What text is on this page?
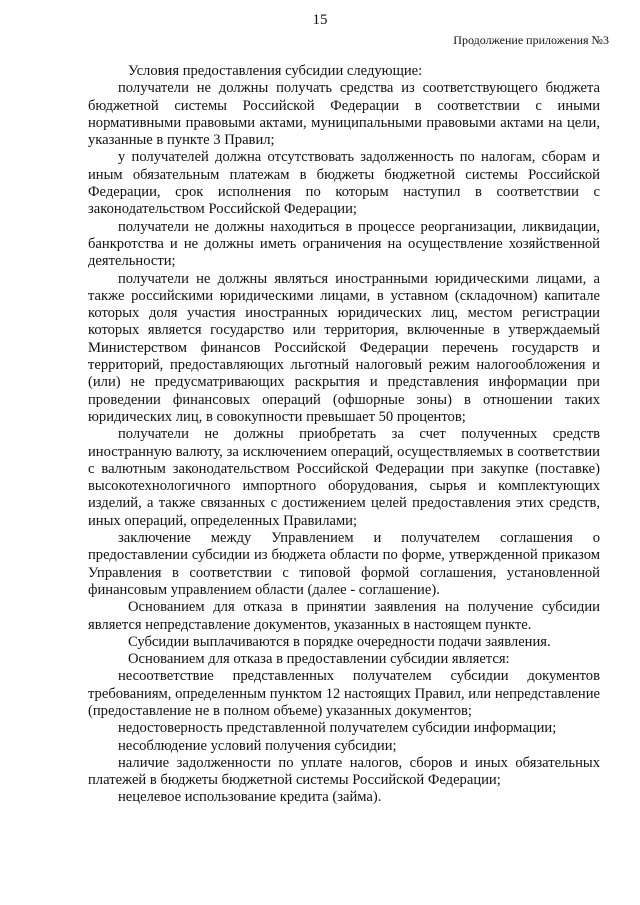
15
Продолжение приложения №3

Условия предоставления субсидии следующие:

получатели не должны получать средства из соответствующего бюджета бюджетной системы Российской Федерации в соответствии с иными нормативными правовыми актами, муниципальными правовыми актами на цели, указанные в пункте 3 Правил;

у получателей должна отсутствовать задолженность по налогам, сборам и иным обязательным платежам в бюджеты бюджетной системы Российской Федерации, срок исполнения по которым наступил в соответствии с законодательством Российской Федерации;

получатели не должны находиться в процессе реорганизации, ликвидации, банкротства и не должны иметь ограничения на осуществление хозяйственной деятельности;

получатели не должны являться иностранными юридическими лицами, а также российскими юридическими лицами, в уставном (складочном) капитале которых доля участия иностранных юридических лиц, местом регистрации которых является государство или территория, включенные в утверждаемый Министерством финансов Российской Федерации перечень государств и территорий, предоставляющих льготный налоговый режим налогообложения и (или) не предусматривающих раскрытия и представления информации при проведении финансовых операций (офшорные зоны) в отношении таких юридических лиц, в совокупности превышает 50 процентов;

получатели не должны приобретать за счет полученных средств иностранную валюту, за исключением операций, осуществляемых в соответствии с валютным законодательством Российской Федерации при закупке (поставке) высокотехнологичного импортного оборудования, сырья и комплектующих изделий, а также связанных с достижением целей предоставления этих средств, иных операций, определенных Правилами;

заключение между Управлением и получателем соглашения о предоставлении субсидии из бюджета области по форме, утвержденной приказом Управления в соответствии с типовой формой соглашения, установленной финансовым управлением области (далее - соглашение).

Основанием для отказа в принятии заявления на получение субсидии является непредставление документов, указанных в настоящем пункте.

Субсидии выплачиваются в порядке очередности подачи заявления.

Основанием для отказа в предоставлении субсидии является:

несоответствие представленных получателем субсидии документов требованиям, определенным пунктом 12 настоящих Правил, или непредставление (предоставление не в полном объеме) указанных документов;

недостоверность представленной получателем субсидии информации;

несоблюдение условий получения субсидии;

наличие задолженности по уплате налогов, сборов и иных обязательных платежей в бюджеты бюджетной системы Российской Федерации;

нецелевое использование кредита (займа).
